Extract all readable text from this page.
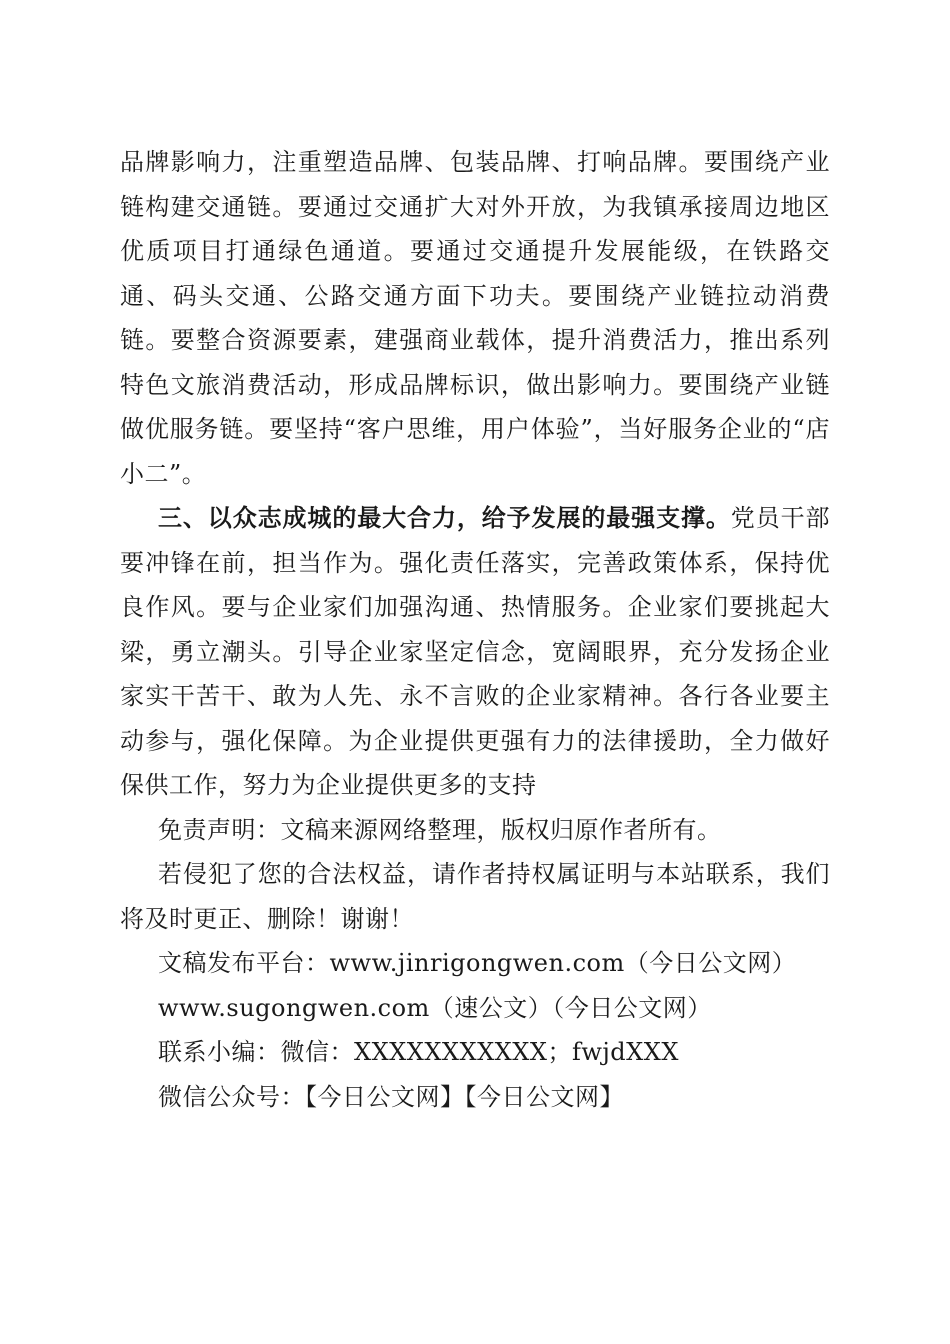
品牌影响力，注重塑造品牌、包装品牌、打响品牌。要围绕产业链构建交通链。要通过交通扩大对外开放，为我镇承接周边地区优质项目打通绿色通道。要通过交通提升发展能级，在铁路交通、码头交通、公路交通方面下功夫。要围绕产业链拉动消费链。要整合资源要素，建强商业载体，提升消费活力，推出系列特色文旅消费活动，形成品牌标识，做出影响力。要围绕产业链做优服务链。要坚持“客户思维，用户体验”，当好服务企业的“店小二”。

三、以众志成城的最大合力，给予发展的最强支撑。党员干部要冲锋在前，担当作为。强化责任落实，完善政策体系，保持优良作风。要与企业家们加强沟通、热情服务。企业家们要挑起大梁，勇立潮头。引导企业家坚定信念，宽阔眼界，充分发扬企业家实干苦干、敢为人先、永不言败的企业家精神。各行各业要主动参与，强化保障。为企业提供更强有力的法律援助，全力做好保供工作，努力为企业提供更多的支持

免责声明：文稿来源网络整理，版权归原作者所有。

若侵犯了您的合法权益，请作者持权属证明与本站联系，我们将及时更正、删除！谢谢！

文稿发布平台：www.jinrigongwen.com（今日公文网）

www.sugongwen.com（速公文）（今日公文网）

联系小编：微信：XXXXXXXXXXX；fwjdXXX

微信公众号：【今日公文网】【今日公文网】
